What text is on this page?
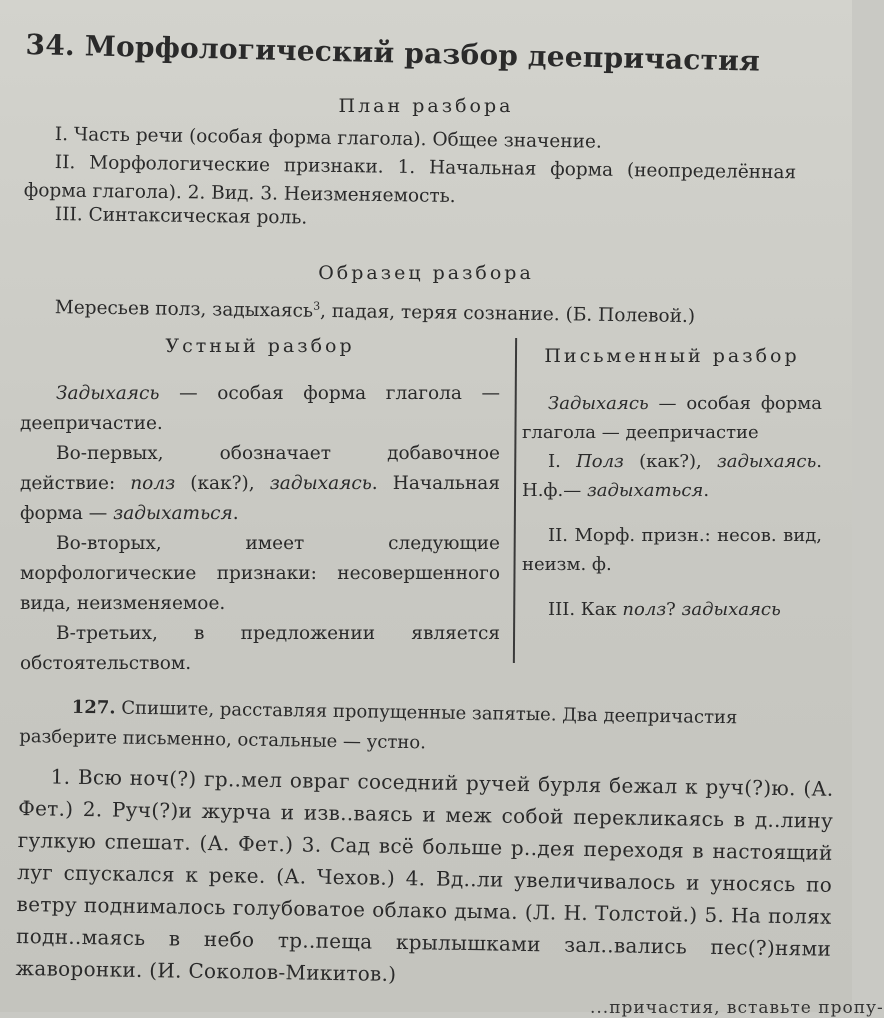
34. Морфологический разбор деепричастия
План разбора
I. Часть речи (особая форма глагола). Общее значение.
II. Морфологические признаки. 1. Начальная форма (неопределённая
форма глагола). 2. Вид. 3. Неизменяемость.
III. Синтаксическая роль.
Образец разбора
Мересьев полз, задыхаясь$^3$, падая, теряя сознание. (Б. Полевой.)
Устный разбор

Задыхаясь — особая форма глагола — деепричастие.

Во-первых, обозначает добавочное действие: полз (как?), задыхаясь. Начальная форма — задыхаться.

Во-вторых, имеет следующие морфологические признаки: несовершенного вида, неизменяемое.

В-третьих, в предложении является обстоятельством.

Письменный разбор

Задыхаясь — особая форма глагола — деепричастие

I. Полз (как?), задыхаясь. Н.ф.— задыхаться.

II. Морф. призн.: несов. вид, неизм. ф.

III. Как полз? задыхаясь

127. Спишите, расставляя пропущенные запятые. Два деепричастия разберите письменно, остальные — устно.

1. Всю ноч(?) гр..мел овраг соседний ручей бурля бежал к руч(?)ю. (А. Фет.) 2. Руч(?)и журча и изв..ваясь и меж собой перекликаясь в д..лину гулкую спешат. (А. Фет.) 3. Сад всё больше р..дея переходя в настоящий луг спускался к реке. (А. Чехов.) 4. Вд..ли увеличивалось и уносясь по ветру поднималось голубоватое облако дыма. (Л. Н. Толстой.) 5. На полях подн..маясь в небо тр..пеща крылышками зал..вались пес(?)нями жаворонки. (И. Соколов-Микитов.)

...причастия, вставьте пропу-
